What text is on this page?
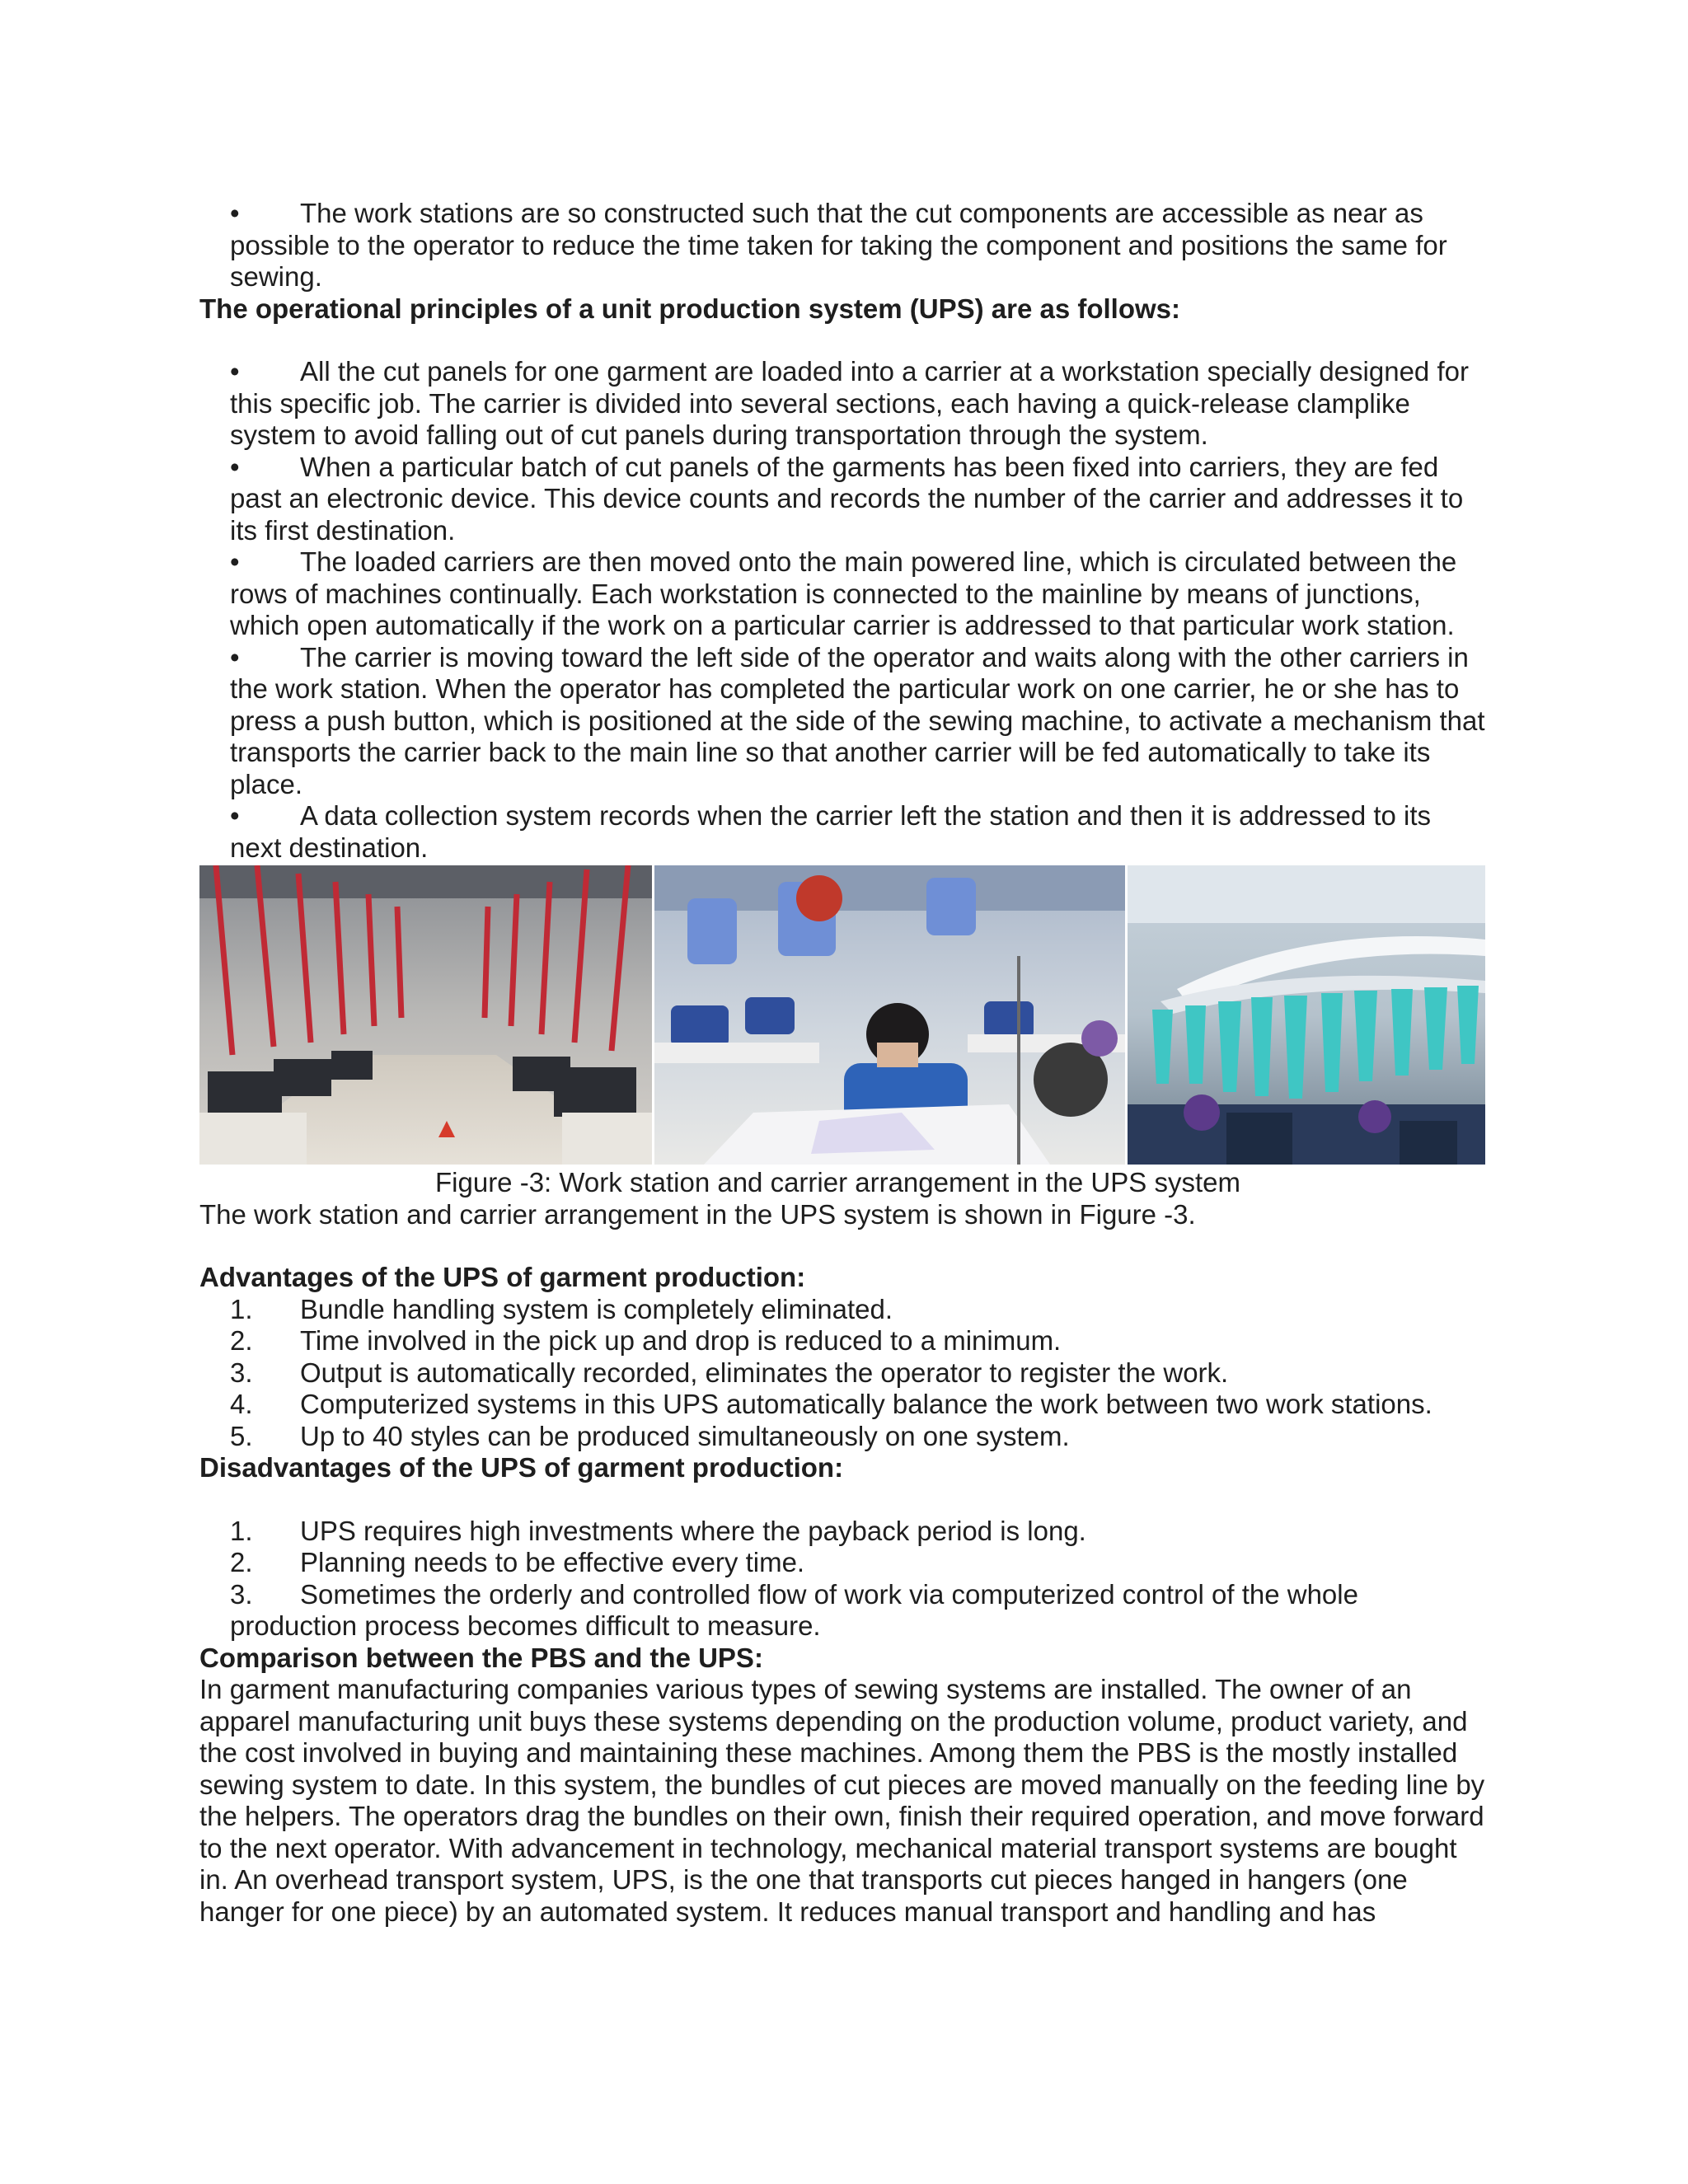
• The work stations are so constructed such that the cut components are accessible as near as possible to the operator to reduce the time taken for taking the component and positions the same for sewing.
The operational principles of a unit production system (UPS) are as follows:
• All the cut panels for one garment are loaded into a carrier at a workstation specially designed for this specific job. The carrier is divided into several sections, each having a quick-release clamplike system to avoid falling out of cut panels during transportation through the system.
• When a particular batch of cut panels of the garments has been fixed into carriers, they are fed past an electronic device. This device counts and records the number of the carrier and addresses it to its first destination.
• The loaded carriers are then moved onto the main powered line, which is circulated between the rows of machines continually. Each workstation is connected to the mainline by means of junctions, which open automatically if the work on a particular carrier is addressed to that particular work station.
• The carrier is moving toward the left side of the operator and waits along with the other carriers in the work station. When the operator has completed the particular work on one carrier, he or she has to press a push button, which is positioned at the side of the sewing machine, to activate a mechanism that transports the carrier back to the main line so that another carrier will be fed automatically to take its place.
• A data collection system records when the carrier left the station and then it is addressed to its next destination.
Figure -3: Work station and carrier arrangement in the UPS system
The work station and carrier arrangement in the UPS system is shown in Figure -3.
Advantages of the UPS of garment production:
1. Bundle handling system is completely eliminated.
2. Time involved in the pick up and drop is reduced to a minimum.
3. Output is automatically recorded, eliminates the operator to register the work.
4. Computerized systems in this UPS automatically balance the work between two work stations.
5. Up to 40 styles can be produced simultaneously on one system.
Disadvantages of the UPS of garment production:
1. UPS requires high investments where the payback period is long.
2. Planning needs to be effective every time.
3. Sometimes the orderly and controlled flow of work via computerized control of the whole production process becomes difficult to measure.
Comparison between the PBS and the UPS:
In garment manufacturing companies various types of sewing systems are installed. The owner of an apparel manufacturing unit buys these systems depending on the production volume, product variety, and the cost involved in buying and maintaining these machines. Among them the PBS is the mostly installed sewing system to date. In this system, the bundles of cut pieces are moved manually on the feeding line by the helpers. The operators drag the bundles on their own, finish their required operation, and move forward to the next operator. With advancement in technology, mechanical material transport systems are bought in. An overhead transport system, UPS, is the one that transports cut pieces hanged in hangers (one hanger for one piece) by an automated system. It reduces manual transport and handling and has
